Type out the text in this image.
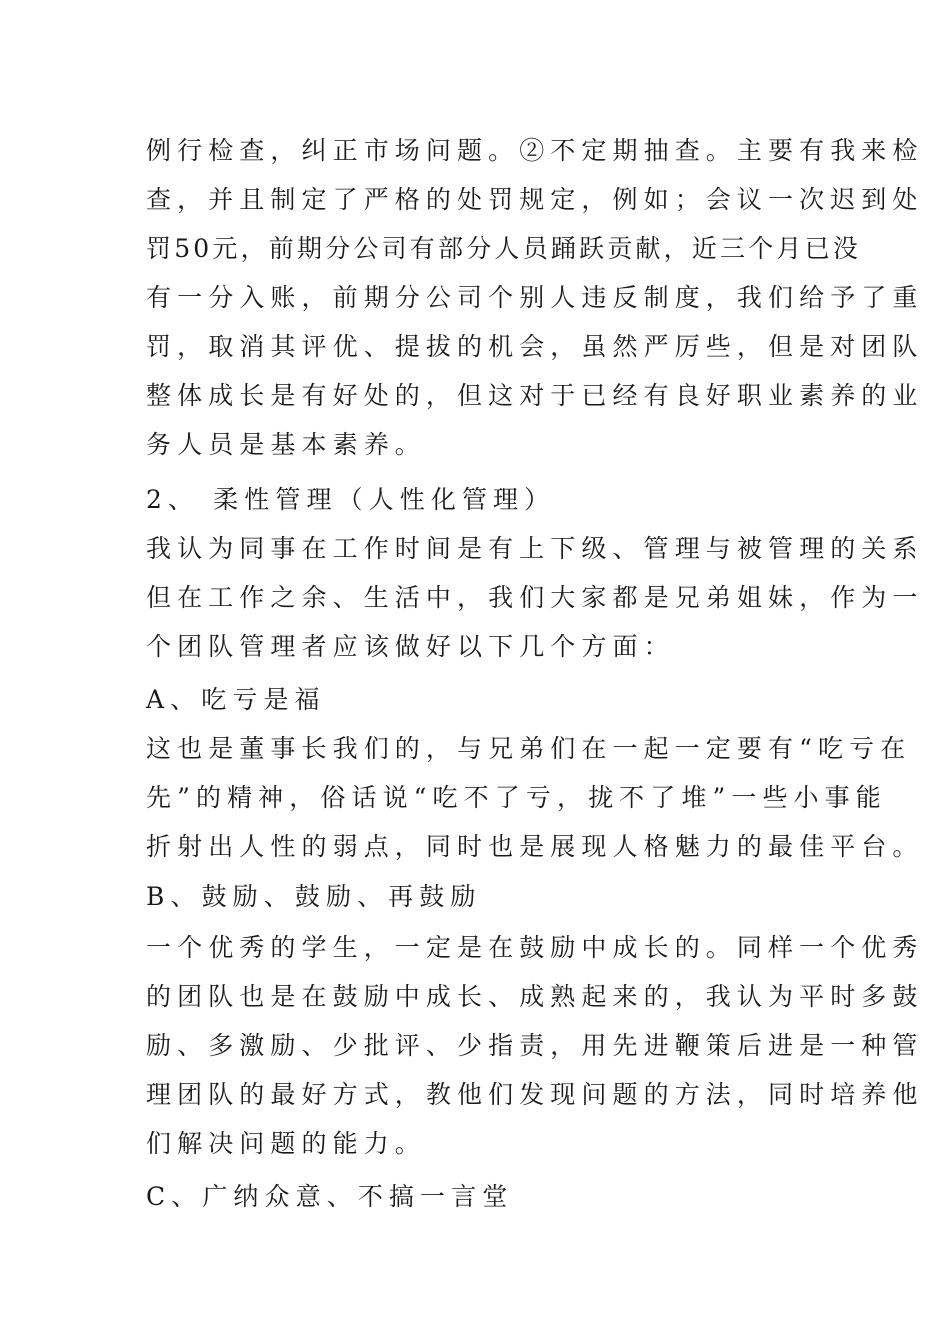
例行检查，纠正市场问题。②不定期抽查。主要有我来检
查，并且制定了严格的处罚规定，例如；会议一次迟到处
罚50元，前期分公司有部分人员踊跃贡献，近三个月已没
有一分入账，前期分公司个别人违反制度，我们给予了重
罚，取消其评优、提拔的机会，虽然严厉些，但是对团队
整体成长是有好处的，但这对于已经有良好职业素养的业
务人员是基本素养。
2、 柔性管理（人性化管理）
我认为同事在工作时间是有上下级、管理与被管理的关系
但在工作之余、生活中，我们大家都是兄弟姐妹，作为一
个团队管理者应该做好以下几个方面：
A、吃亏是福
这也是董事长我们的，与兄弟们在一起一定要有“吃亏在
先”的精神，俗话说“吃不了亏，拢不了堆”一些小事能
折射出人性的弱点，同时也是展现人格魅力的最佳平台。
B、鼓励、鼓励、再鼓励
一个优秀的学生，一定是在鼓励中成长的。同样一个优秀
的团队也是在鼓励中成长、成熟起来的，我认为平时多鼓
励、多激励、少批评、少指责，用先进鞭策后进是一种管
理团队的最好方式，教他们发现问题的方法，同时培养他
们解决问题的能力。
C、广纳众意、不搞一言堂
